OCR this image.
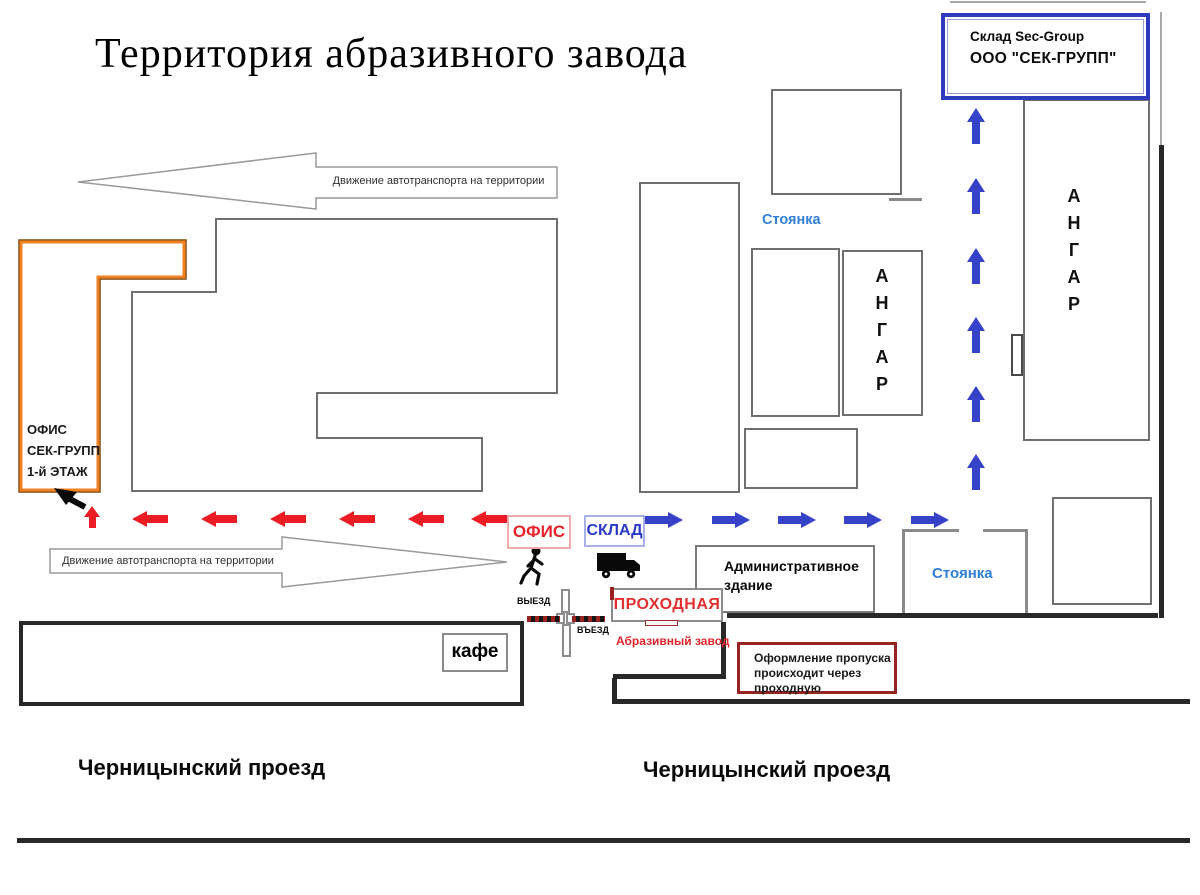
Территория абразивного завода	Склад Sec-Group
ООО "СЕК-ГРУПП"
ОФИС
СЕК-ГРУПП
1-й ЭТАЖ
ОФИС	СКЛАД
ПРОХОДНАЯ
Абразивный завод
Административное
здание
Оформление пропуска
происходит через
проходную
кафе
ВЫЕЗД
ВЪЕЗД
Стоянка
Стоянка
АНГАР
АНГАР
Движение автотранспорта на территории
Движение автотранспорта на территории
Черницынский проезд	Черницынский проезд
